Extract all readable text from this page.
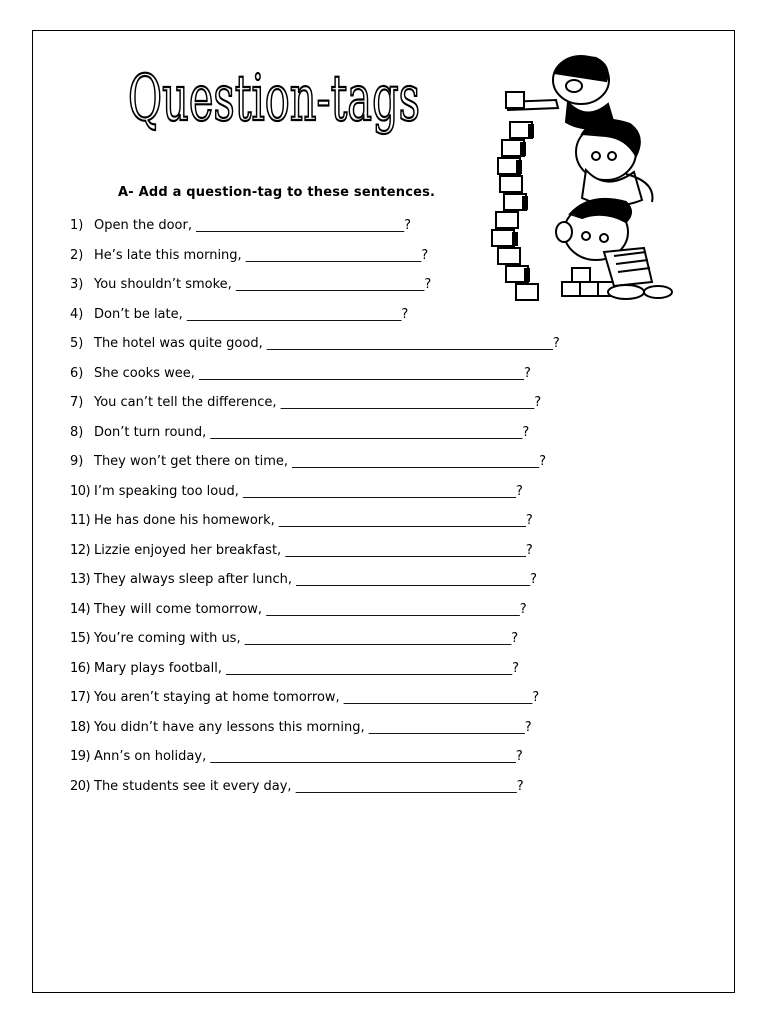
Question-tags
A- Add a question-tag to these sentences.
1) Open the door, ________________________________?
2) He’s late this morning, ___________________________?
3) You shouldn’t smoke, _____________________________?
4) Don’t be late, _________________________________?
5) The hotel was quite good, ____________________________________________?
6) She cooks wee, __________________________________________________?
7) You can’t tell the difference, _______________________________________?
8) Don’t turn round, ________________________________________________?
9) They won’t get there on time, ______________________________________?
10) I’m speaking too loud, __________________________________________?
11) He has done his homework, ______________________________________?
12) Lizzie enjoyed her breakfast, _____________________________________?
13) They always sleep after lunch, ____________________________________?
14) They will come tomorrow, _______________________________________?
15) You’re coming with us, _________________________________________?
16) Mary plays football, ____________________________________________?
17) You aren’t staying at home tomorrow, _____________________________?
18) You didn’t have any lessons this morning, ________________________?
19) Ann’s on holiday, _______________________________________________?
20) The students see it every day, __________________________________?
